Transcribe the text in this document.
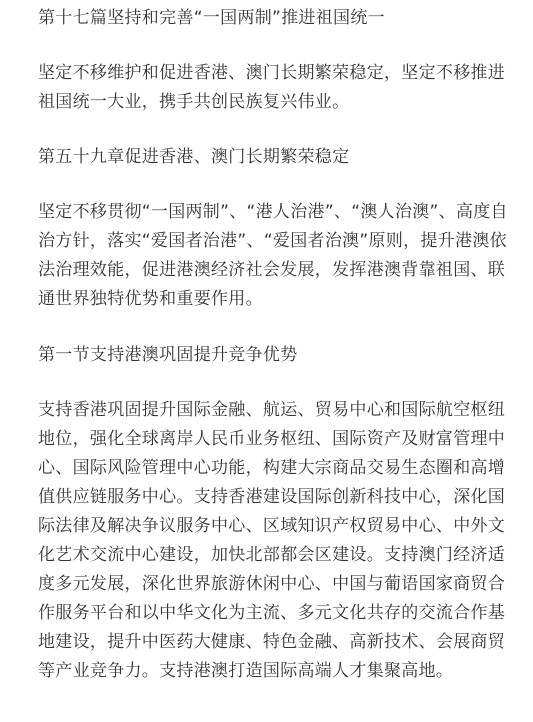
第十七篇坚持和完善“一国两制”推进祖国统一

坚定不移维护和促进香港、澳门长期繁荣稳定，坚定不移推进祖国统一大业，携手共创民族复兴伟业。

第五十九章促进香港、澳门长期繁荣稳定

坚定不移贯彻“一国两制”、“港人治港”、“澳人治澳”、高度自治方针，落实“爱国者治港”、“爱国者治澳”原则，提升港澳依法治理效能，促进港澳经济社会发展，发挥港澳背靠祖国、联通世界独特优势和重要作用。

第一节支持港澳巩固提升竞争优势

支持香港巩固提升国际金融、航运、贸易中心和国际航空枢纽地位，强化全球离岸人民币业务枢纽、国际资产及财富管理中心、国际风险管理中心功能，构建大宗商品交易生态圈和高增值供应链服务中心。支持香港建设国际创新科技中心，深化国际法律及解决争议服务中心、区域知识产权贸易中心、中外文化艺术交流中心建设，加快北部都会区建设。支持澳门经济适度多元发展，深化世界旅游休闲中心、中国与葡语国家商贸合作服务平台和以中华文化为主流、多元文化共存的交流合作基地建设，提升中医药大健康、特色金融、高新技术、会展商贸等产业竞争力。支持港澳打造国际高端人才集聚高地。
